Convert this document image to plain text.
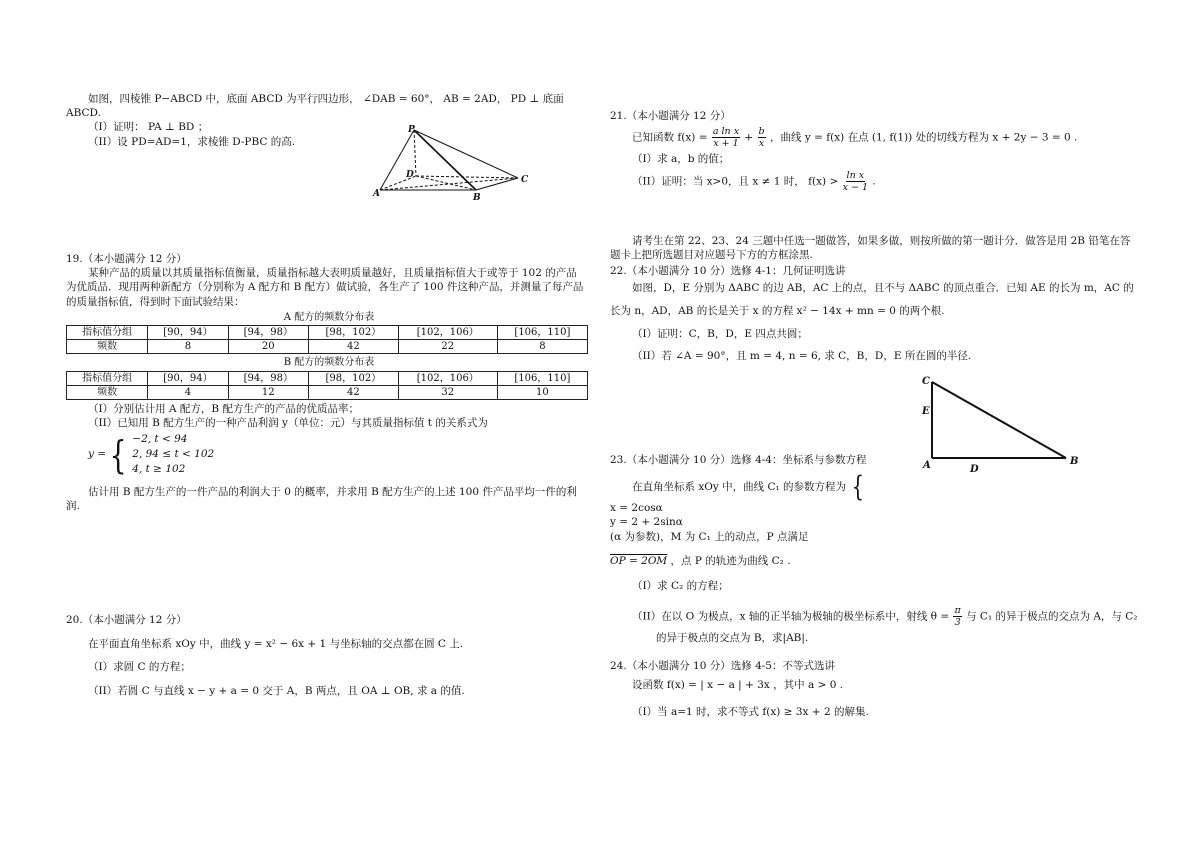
如图，四棱锥 P−ABCD 中，底面 ABCD 为平行四边形， ∠DAB = 60°， AB = 2AD， PD ⊥ 底面

ABCD.

（I）证明： PA ⊥ BD ；

（II）设 PD=AD=1，求棱锥 D-PBC 的高.

P
D	C
A	B

19.（本小题满分 12 分）

某种产品的质量以其质量指标值衡量，质量指标越大表明质量越好，且质量指标值大于或等于 102 的产品

为优质品．现用两种新配方（分别称为 A 配方和 B 配方）做试验，各生产了 100 件这种产品，并测量了每产品

的质量指标值，得到时下面试验结果：

A 配方的频数分布表
指标值分组	[90，94）	[94，98）	[98，102）	[102，106）	[106，110]
频数	8	20	42	22	8
B 配方的频数分布表
指标值分组	[90，94）	[94，98）	[98，102）	[102，106）	[106，110]
频数	4	12	42	32	10

（I）分别估计用 A 配方，B 配方生产的产品的优质品率；

（II）已知用 B 配方生产的一种产品利润 y（单位：元）与其质量指标值 t 的关系式为

y = { −2, t < 94
2, 94 ≤ t < 102
4, t ≥ 102

估计用 B 配方生产的一件产品的利润大于 0 的概率，并求用 B 配方生产的上述 100 件产品平均一件的利

润.

20.（本小题满分 12 分）

在平面直角坐标系 xOy 中，曲线 y = x² − 6x + 1 与坐标轴的交点都在圆 C 上.

（I）求圆 C 的方程；

（II）若圆 C 与直线 x − y + a = 0 交于 A，B 两点，且 OA ⊥ OB, 求 a 的值.

21.（本小题满分 12 分）

已知函数 $f(x) = \frac{\text{a ln x}}{x + 1} + \frac{b}{x}$ ，曲线 y = f(x) 在点 (1, f(1)) 处的切线方程为 x + 2y − 3 = 0 .

（I）求 a，b 的值；

（II）证明：当 x>0，且 x ≠ 1 时， $f(x) > \frac{\text{ln x}}{x - 1}$ .

请考生在第 22、23、24 三题中任选一题做答，如果多做，则按所做的第一题计分．做答是用 2B 铅笔在答

题卡上把所选题目对应题号下方的方框涂黑.

22.（本小题满分 10 分）选修 4-1：几何证明选讲

如图，D，E 分别为 ΔABC 的边 AB，AC 上的点，且不与 ΔABC 的顶点重合．已知 AE 的长为 m，AC 的

长为 n，AD，AB 的长是关于 x 的方程 x² − 14x + mn = 0 的两个根.

（I）证明：C，B，D，E 四点共圆；

（II）若 ∠A = 90°，且 m = 4, n = 6, 求 C，B，D，E 所在圆的半径.

C
E
A	D
B

23.（本小题满分 10 分）选修 4-4：坐标系与参数方程

在直角坐标系 xOy 中，曲线 C₁ 的参数方程为 {

x = 2cosα
y = 2 + 2sinα
(α 为参数)，M 为 C₁ 上的动点，P 点满足

OP = 2OM ，点 P 的轨迹为曲线 C₂ .

（I）求 C₂ 的方程；

（II）在以 O 为极点，x 轴的正半轴为极轴的极坐标系中，射线 $\theta = \frac{\pi}{3}$ 与 C₁ 的异于极点的交点为 A，与 C₂

的异于极点的交点为 B，求|AB|.

24.（本小题满分 10 分）选修 4-5：不等式选讲

设函数 f(x) = | x − a | + 3x ，其中 a > 0 .

（I）当 a=1 时，求不等式 f(x) ≥ 3x + 2 的解集.
